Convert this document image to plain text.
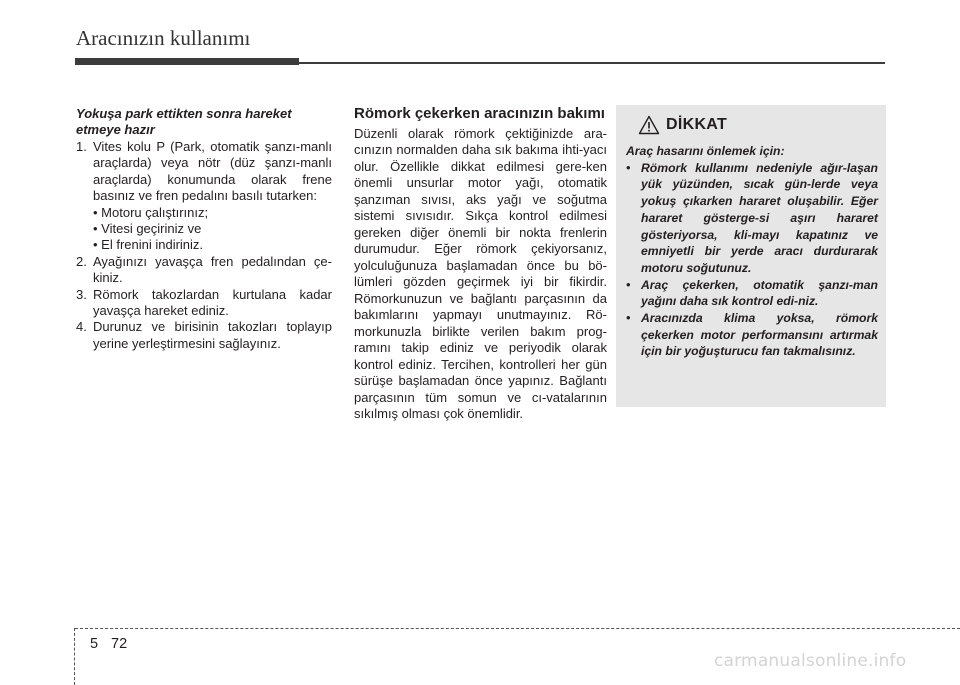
Aracınızın kullanımı
Yokuşa park ettikten sonra hareket etmeye hazır
1. Vites kolu P (Park, otomatik şanzı-manlı araçlarda) veya nötr (düz şanzı-manlı araçlarda) konumunda olarak frene basınız ve fren pedalını basılı tutarken:
• Motoru çalıştırınız;
• Vitesi geçiriniz ve
• El frenini indiriniz.
2. Ayağınızı yavaşça fren pedalından çe-kiniz.
3. Römork takozlardan kurtulana kadar yavaşça hareket ediniz.
4. Durunuz ve birisinin takozları toplayıp yerine yerleştirmesini sağlayınız.
Römork çekerken aracınızın bakımı
Düzenli olarak römork çektiğinizde ara-cınızın normalden daha sık bakıma ihti-yacı olur. Özellikle dikkat edilmesi gere-ken önemli unsurlar motor yağı, otomatik şanzıman sıvısı, aks yağı ve soğutma sistemi sıvısıdır. Sıkça kontrol edilmesi gereken diğer önemli bir nokta frenlerin durumudur. Eğer römork çekiyorsanız, yolculuğunuza başlamadan önce bu bö-lümleri gözden geçirmek iyi bir fikirdir. Römorkunuzun ve bağlantı parçasının da bakımlarını yapmayı unutmayınız. Rö-morkunuzla birlikte verilen bakım prog-ramını takip ediniz ve periyodik olarak kontrol ediniz. Tercihen, kontrolleri her gün sürüşe başlamadan önce yapınız. Bağlantı parçasının tüm somun ve cı-vatalarının sıkılmış olması çok önemlidir.
DİKKAT
Araç hasarını önlemek için:
• Römork kullanımı nedeniyle ağır-laşan yük yüzünden, sıcak gün-lerde veya yokuş çıkarken hararet oluşabilir. Eğer hararet gösterge-si aşırı hararet gösteriyorsa, kli-mayı kapatınız ve emniyetli bir yerde aracı durdurarak motoru soğutunuz.
• Araç çekerken, otomatik şanzı-man yağını daha sık kontrol edi-niz.
• Aracınızda klima yoksa, römork çekerken motor performansını artırmak için bir yoğuşturucu fan takmalısınız.
5 72
carmanualsonline.info
